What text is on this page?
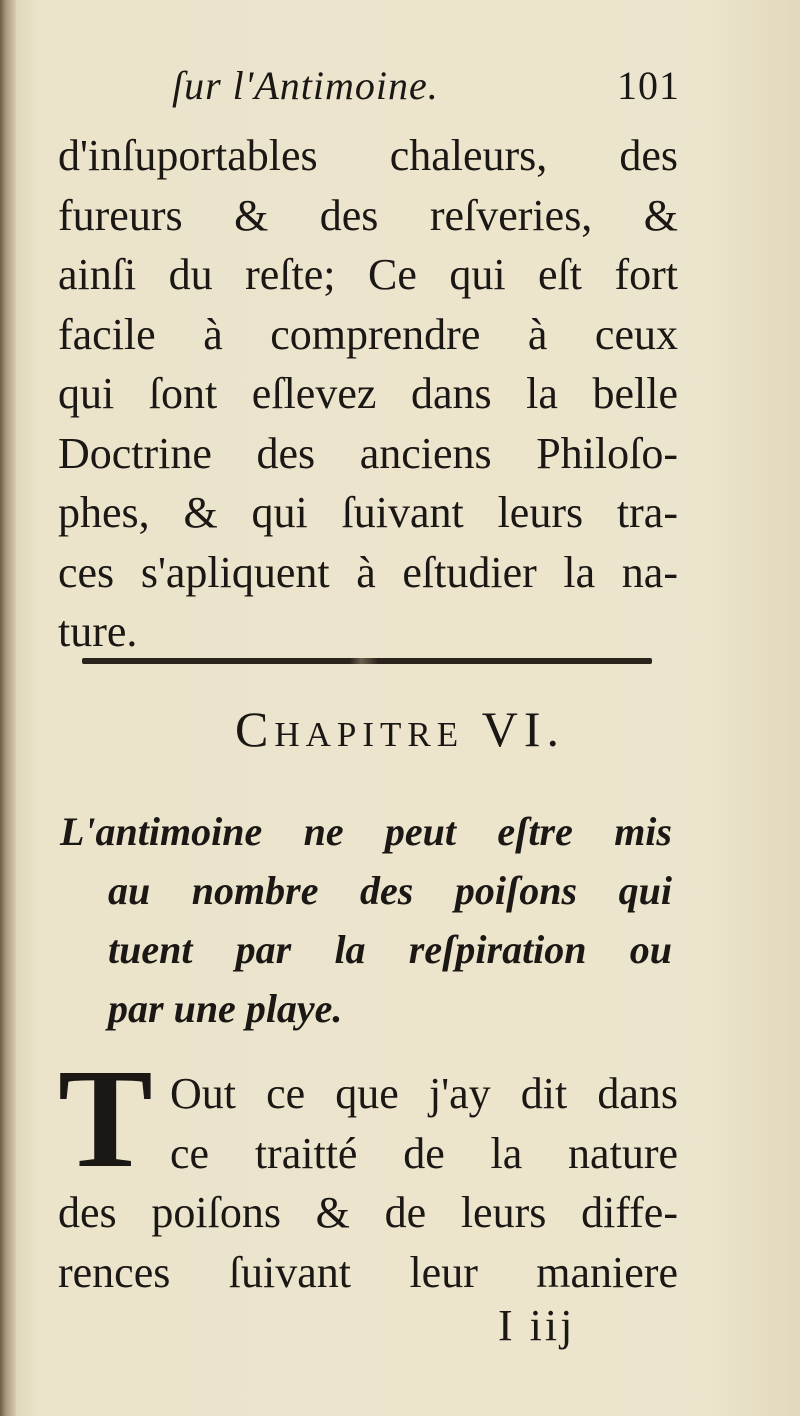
ſur l'Antimoine.	101
d'inſuportables chaleurs, des
fureurs & des reſveries, &
ainſi du reſte; Ce qui eſt fort
facile à comprendre à ceux
qui ſont eſlevez dans la belle
Doctrine des anciens Philoſo-
phes, & qui ſuivant leurs tra-
ces s'apliquent à eſtudier la na-
ture.
Chapitre VI.
L'antimoine ne peut eſtre mis
au nombre des poiſons qui
tuent par la reſpiration ou
par une playe.
T Out ce que j'ay dit dans
ce traitté de la nature
des poiſons & de leurs diffe-
rences ſuivant leur maniere
I iij
